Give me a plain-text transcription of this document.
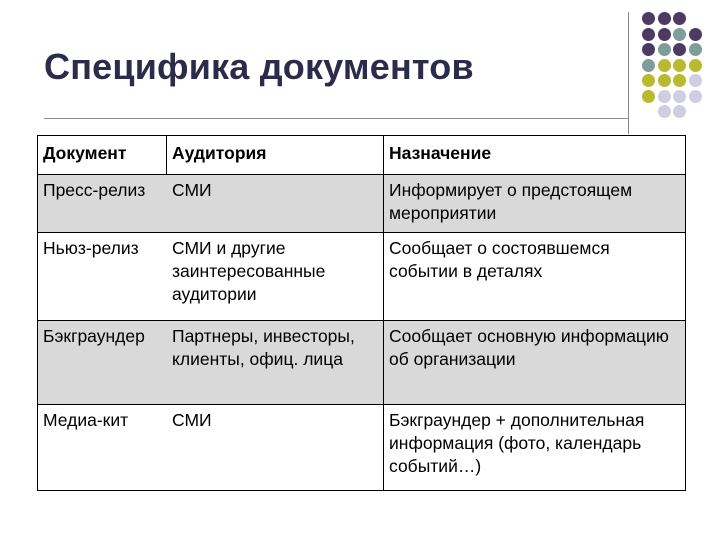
Специфика документов
Документ	Аудитория	Назначение
Пресс-релиз	СМИ	Информирует о предстоящем мероприятии
Ньюз-релиз	СМИ и другие заинтересованные аудитории	Сообщает о состоявшемся событии в деталях
Бэкграундер	Партнеры, инвесторы, клиенты, офиц. лица	Сообщает основную информацию об организации
Медиа-кит	СМИ	Бэкграундер + дополнительная информация (фото, календарь событий…)
